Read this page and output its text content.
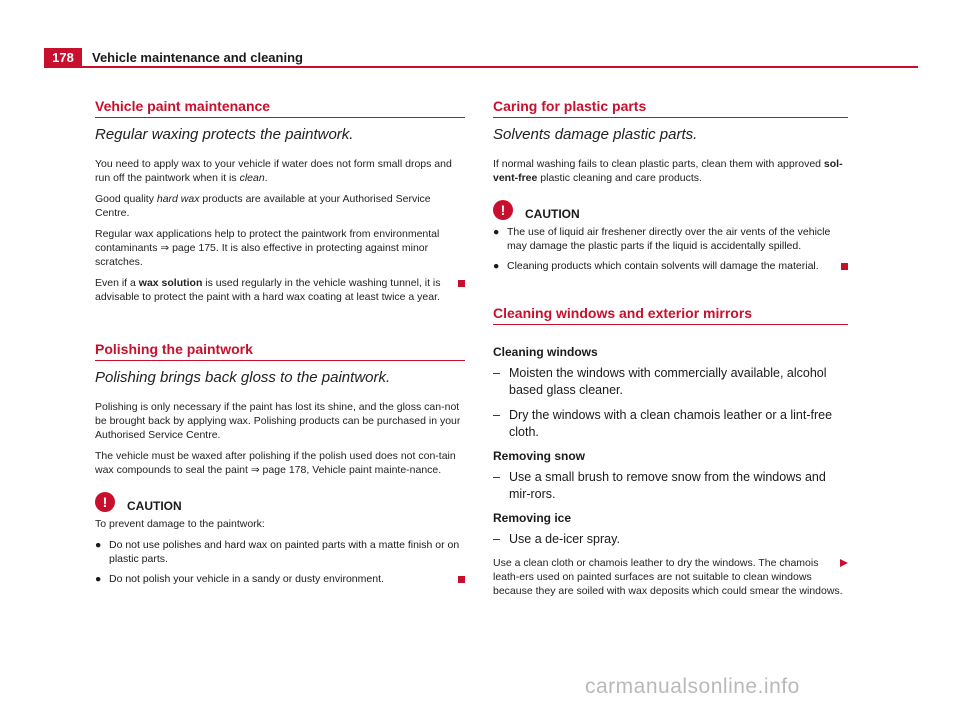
178	Vehicle maintenance and cleaning
Vehicle paint maintenance
Regular waxing protects the paintwork.

You need to apply wax to your vehicle if water does not form small drops and run off the paintwork when it is clean.

Good quality hard wax products are available at your Authorised Service Centre.

Regular wax applications help to protect the paintwork from environmental contaminants ⇒ page 175. It is also effective in protecting against minor scratches.

Even if a wax solution is used regularly in the vehicle washing tunnel, it is advisable to protect the paint with a hard wax coating at least twice a year.

Polishing the paintwork
Polishing brings back gloss to the paintwork.

Polishing is only necessary if the paint has lost its shine, and the gloss can-not be brought back by applying wax. Polishing products can be purchased in your Authorised Service Centre.

The vehicle must be waxed after polishing if the polish used does not con-tain wax compounds to seal the paint ⇒ page 178, Vehicle paint mainte-nance.

!	CAUTION

To prevent damage to the paintwork:

● Do not use polishes and hard wax on painted parts with a matte finish or on plastic parts.
● Do not polish your vehicle in a sandy or dusty environment.
Caring for plastic parts
Solvents damage plastic parts.

If normal washing fails to clean plastic parts, clean them with approved sol-vent-free plastic cleaning and care products.

!	CAUTION
● The use of liquid air freshener directly over the air vents of the vehicle may damage the plastic parts if the liquid is accidentally spilled.
● Cleaning products which contain solvents will damage the material.
Cleaning windows and exterior mirrors
Cleaning windows
– Moisten the windows with commercially available, alcohol based glass cleaner.
– Dry the windows with a clean chamois leather or a lint-free cloth.
Removing snow
– Use a small brush to remove snow from the windows and mir-rors.
Removing ice
– Use a de-icer spray.

Use a clean cloth or chamois leather to dry the windows. The chamois leath-ers used on painted surfaces are not suitable to clean windows because they are soiled with wax deposits which could smear the windows.

carmanualsonline.info
